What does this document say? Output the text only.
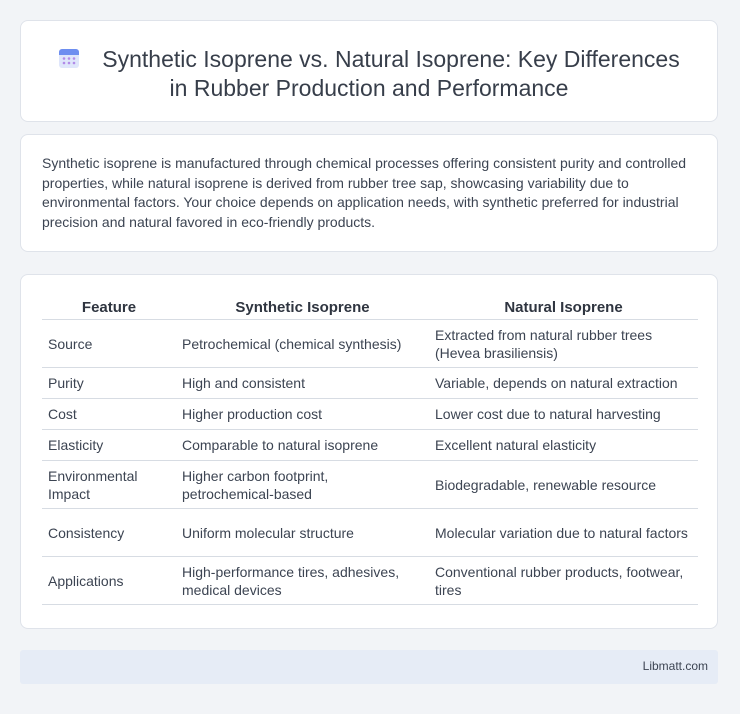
Synthetic Isoprene vs. Natural Isoprene: Key Differences
in Rubber Production and Performance
Synthetic isoprene is manufactured through chemical processes offering consistent purity and controlled properties, while natural isoprene is derived from rubber tree sap, showcasing variability due to environmental factors. Your choice depends on application needs, with synthetic preferred for industrial precision and natural favored in eco-friendly products.
Feature	Synthetic Isoprene	Natural Isoprene
Source	Petrochemical (chemical synthesis)	Extracted from natural rubber trees (Hevea brasiliensis)
Purity	High and consistent	Variable, depends on natural extraction
Cost	Higher production cost	Lower cost due to natural harvesting
Elasticity	Comparable to natural isoprene	Excellent natural elasticity
Environmental Impact	Higher carbon footprint, petrochemical-based	Biodegradable, renewable resource
Consistency	Uniform molecular structure	Molecular variation due to natural factors
Applications	High-performance tires, adhesives, medical devices	Conventional rubber products, footwear, tires
Libmatt.com
